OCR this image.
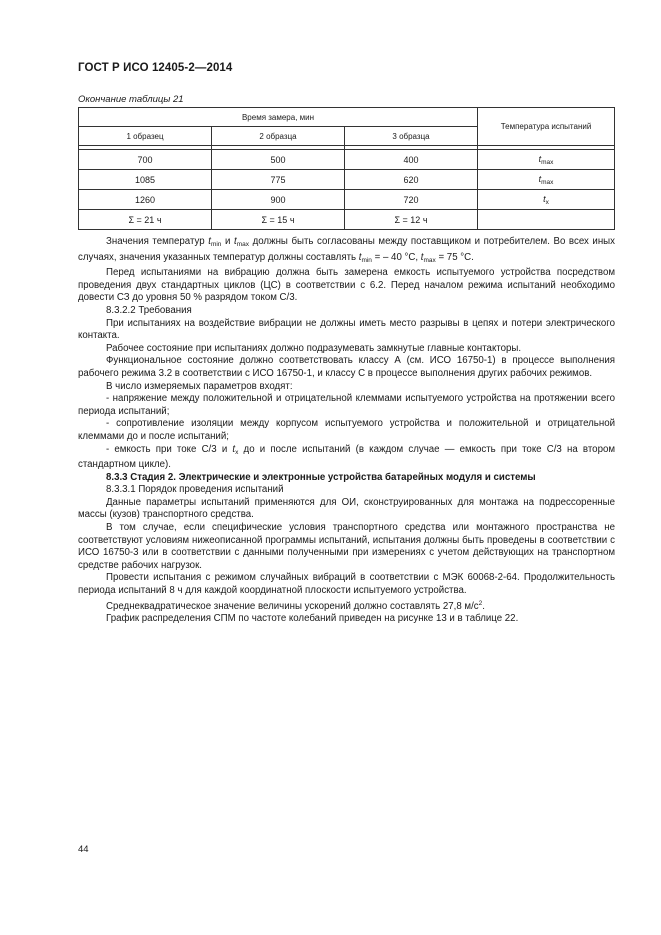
ГОСТ Р ИСО 12405-2—2014
Окончание таблицы 21
Время замера, мин			Температура испытаний
1 образец	2 образца	3 образца	

700	500	400	$t_{max}$
1085	775	620	$t_{max}$
1260	900	720	$t_x$
Σ = 21 ч	Σ = 15 ч	Σ = 12 ч	

Значения температур $t_{min}$ и $t_{max}$ должны быть согласованы между поставщиком и потребителем. Во всех иных случаях, значения указанных температур должны составлять $t_{min}$ = – 40 °С, $t_{max} = 75$ °С.

Перед испытаниями на вибрацию должна быть замерена емкость испытуемого устройства посредством проведения двух стандартных циклов (ЦС) в соответствии с 6.2. Перед началом режима испытаний необходимо довести СЗ до уровня 50 % разрядом током С/3.

8.3.2.2 Требования

При испытаниях на воздействие вибрации не должны иметь место разрывы в цепях и потери электрического контакта.

Рабочее состояние при испытаниях должно подразумевать замкнутые главные контакторы.

Функциональное состояние должно соответствовать классу А (см. ИСО 16750-1) в процессе выполнения рабочего режима 3.2 в соответствии с ИСО 16750-1, и классу С в процессе выполнения других рабочих режимов.

В число измеряемых параметров входят:

- напряжение между положительной и отрицательной клеммами испытуемого устройства на протяжении всего периода испытаний;

- сопротивление изоляции между корпусом испытуемого устройства и положительной и отрицательной клеммами до и после испытаний;

- емкость при токе С/3 и $t_x$ до и после испытаний (в каждом случае — емкость при токе С/3 на втором стандартном цикле).

8.3.3 Стадия 2. Электрические и электронные устройства батарейных модуля и системы

8.3.3.1 Порядок проведения испытаний

Данные параметры испытаний применяются для ОИ, сконструированных для монтажа на подрессоренные массы (кузов) транспортного средства.

В том случае, если специфические условия транспортного средства или монтажного пространства не соответствуют условиям нижеописанной программы испытаний, испытания должны быть проведены в соответствии с ИСО 16750-3 или в соответствии с данными полученными при измерениях с учетом действующих на транспортном средстве рабочих нагрузок.

Провести испытания с режимом случайных вибраций в соответствии с МЭК 60068-2-64. Продолжительность периода испытаний 8 ч для каждой координатной плоскости испытуемого устройства.

Среднеквадратическое значение величины ускорений должно составлять 27,8 $м/с^2$.

График распределения СПМ по частоте колебаний приведен на рисунке 13 и в таблице 22.

44
